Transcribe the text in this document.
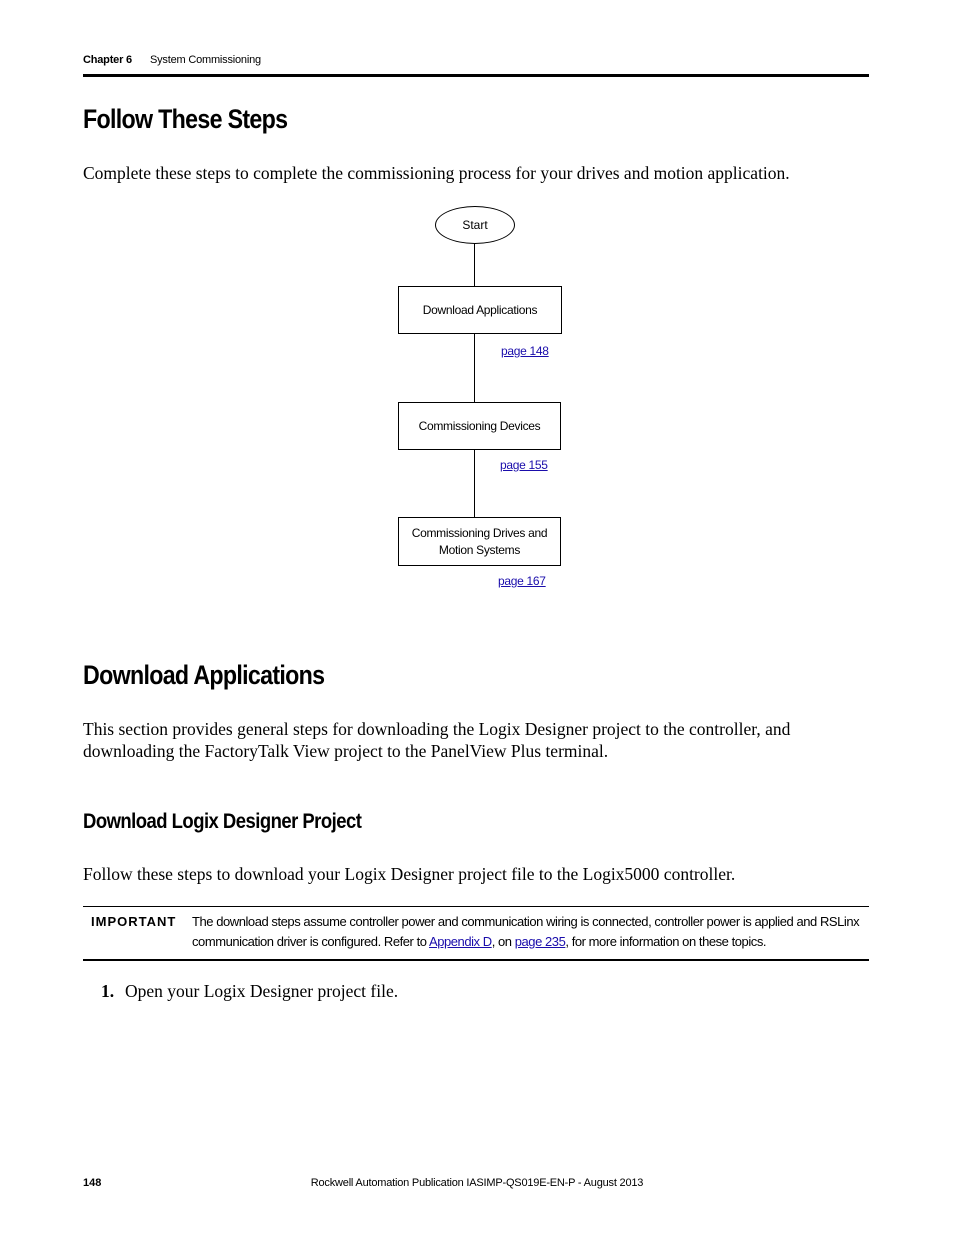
Chapter 6 System Commissioning
Follow These Steps
Complete these steps to complete the commissioning process for your drives and motion application.
Start
Download Applications
page 148
Commissioning Devices
page 155
Commissioning Drives and Motion Systems
page 167
Download Applications
This section provides general steps for downloading the Logix Designer project to the controller, and downloading the FactoryTalk View project to the PanelView Plus terminal.
Download Logix Designer Project
Follow these steps to download your Logix Designer project file to the Logix5000 controller.
IMPORTANT The download steps assume controller power and communication wiring is connected, controller power is applied and RSLinx communication driver is configured. Refer to Appendix D, on page 235, for more information on these topics.
1. Open your Logix Designer project file.
148	Rockwell Automation Publication IASIMP-QS019E-EN-P - August 2013
